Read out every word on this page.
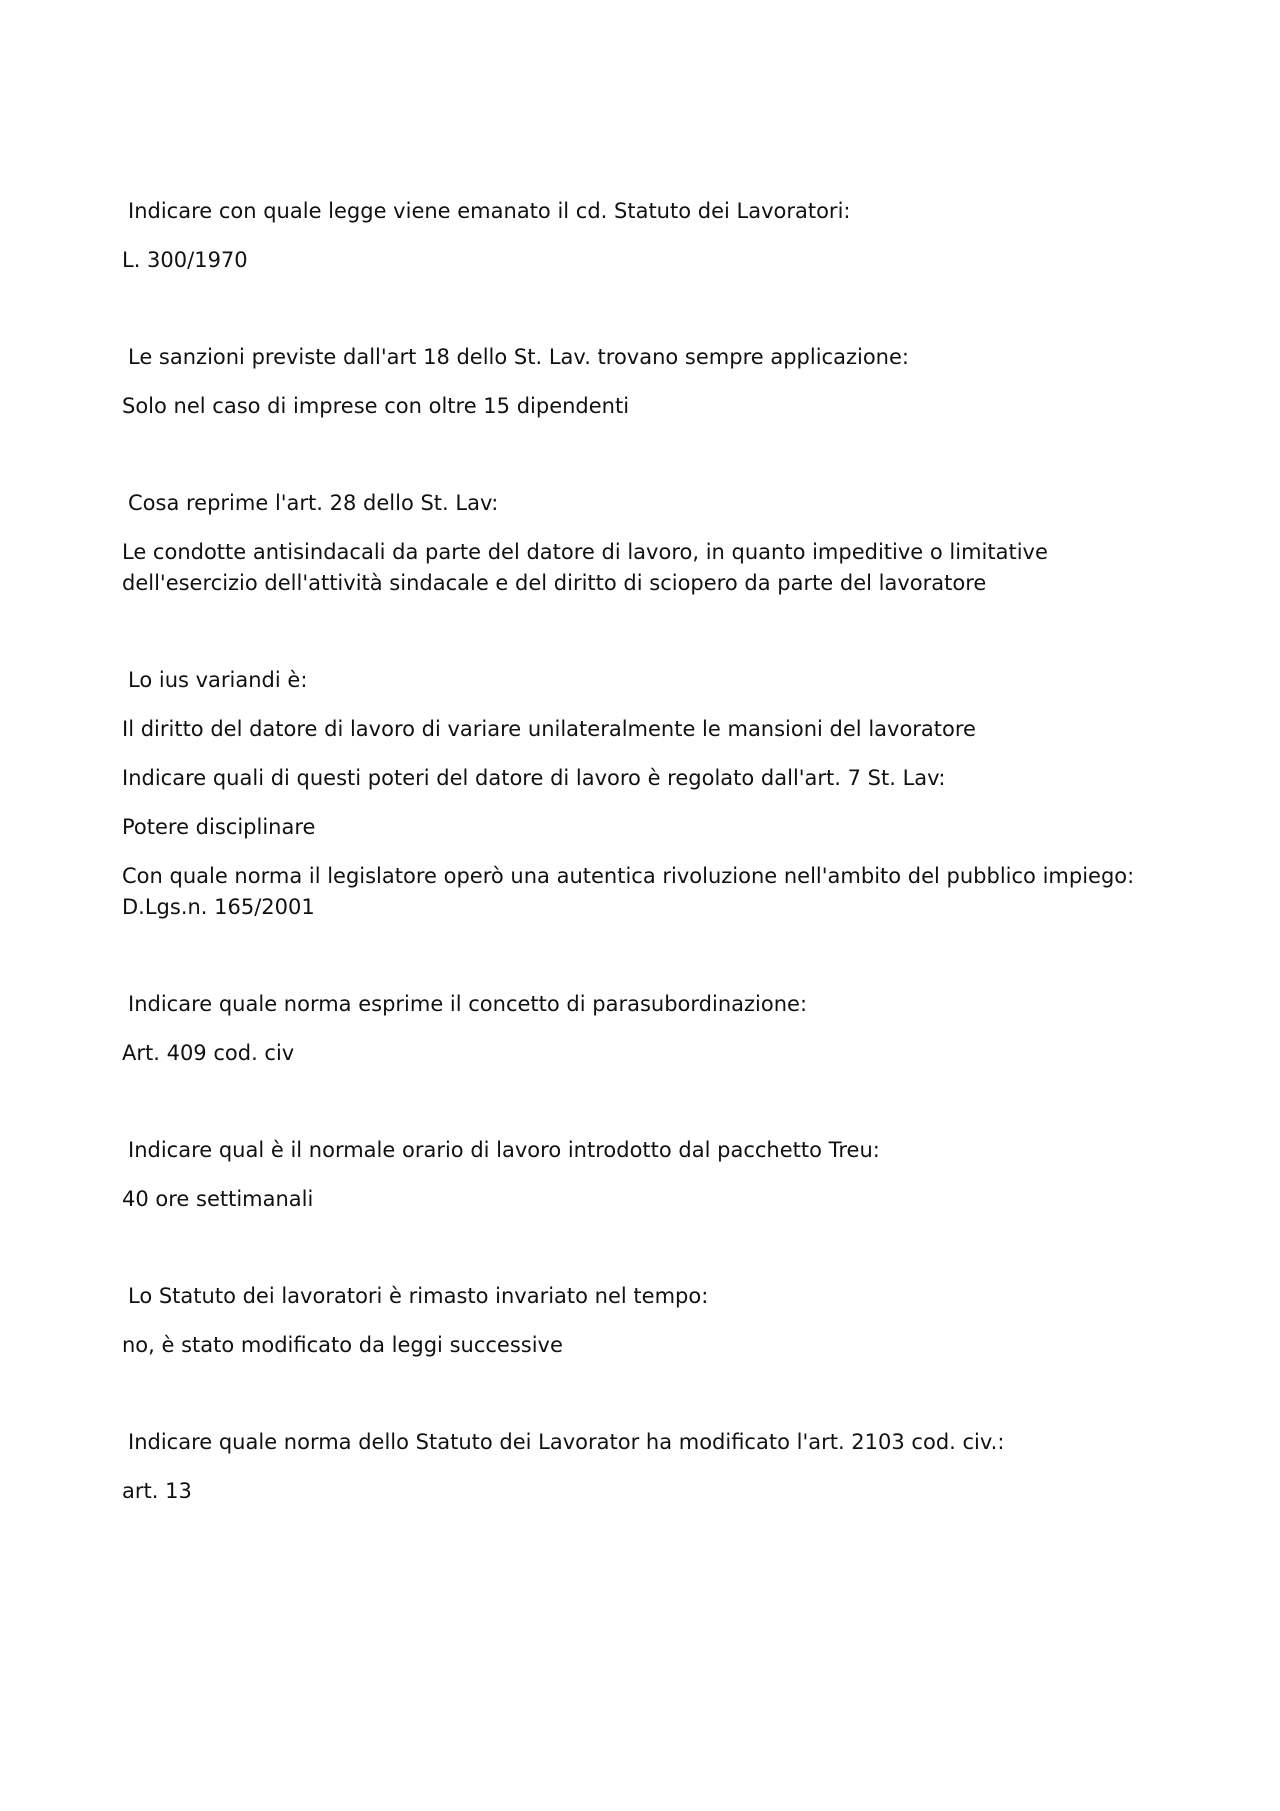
Indicare con quale legge viene emanato il cd. Statuto dei Lavoratori:

L. 300/1970

Le sanzioni previste dall'art 18 dello St. Lav. trovano sempre applicazione:

Solo nel caso di imprese con oltre 15 dipendenti

Cosa reprime l'art. 28 dello St. Lav:

Le condotte antisindacali da parte del datore di lavoro, in quanto impeditive o limitative dell'esercizio dell'attività sindacale e del diritto di sciopero da parte del lavoratore

Lo ius variandi è:

Il diritto del datore di lavoro di variare unilateralmente le mansioni del lavoratore

Indicare quali di questi poteri del datore di lavoro è regolato dall'art. 7 St. Lav:

Potere disciplinare

Con quale norma il legislatore operò una autentica rivoluzione nell'ambito del pubblico impiego: D.Lgs.n. 165/2001

Indicare quale norma esprime il concetto di parasubordinazione:

Art. 409 cod. civ

Indicare qual è il normale orario di lavoro introdotto dal pacchetto Treu:

40 ore settimanali

Lo Statuto dei lavoratori è rimasto invariato nel tempo:

no, è stato modificato da leggi successive

Indicare quale norma dello Statuto dei Lavorator ha modificato l'art. 2103 cod. civ.:

art. 13
